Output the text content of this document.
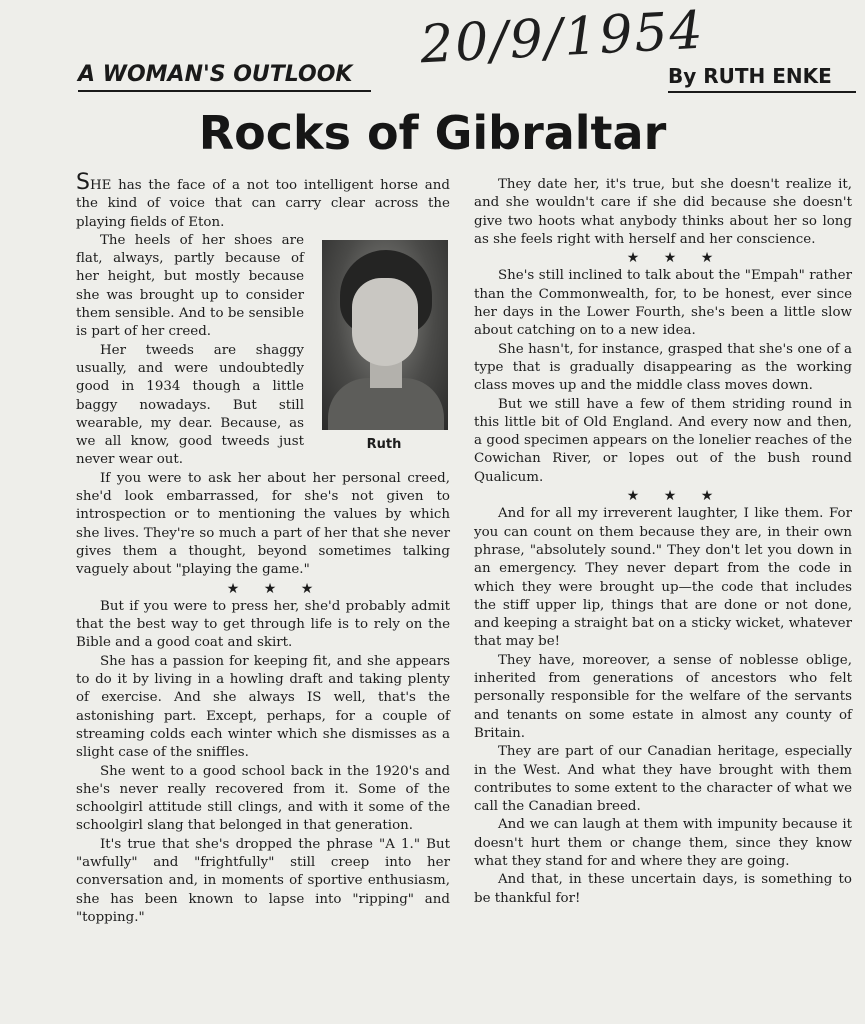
20/9/1954
A WOMAN'S OUTLOOK	By RUTH ENKE
Rocks of Gibraltar

SHE has the face of a not too intelligent horse and the kind of voice that can carry clear across the playing fields of Eton.

Ruth

The heels of her shoes are flat, always, partly because of her height, but mostly because she was brought up to consider them sensible. And to be sensible is part of her creed.

Her tweeds are shaggy usually, and were undoubtedly good in 1934 though a little baggy nowadays. But still wearable, my dear. Because, as we all know, good tweeds just never wear out.

If you were to ask her about her personal creed, she'd look embarrassed, for she's not given to introspection or to mentioning the values by which she lives. They're so much a part of her that she never gives them a thought, beyond sometimes talking vaguely about "playing the game."

★ ★ ★

But if you were to press her, she'd probably admit that the best way to get through life is to rely on the Bible and a good coat and skirt.

She has a passion for keeping fit, and she appears to do it by living in a howling draft and taking plenty of exercise. And she always IS well, that's the astonishing part. Except, perhaps, for a couple of streaming colds each winter which she dismisses as a slight case of the sniffles.

She went to a good school back in the 1920's and she's never really recovered from it. Some of the schoolgirl attitude still clings, and with it some of the schoolgirl slang that belonged in that generation.

It's true that she's dropped the phrase "A 1." But "awfully" and "frightfully" still creep into her conversation and, in moments of sportive enthusiasm, she has been known to lapse into "ripping" and "topping."

They date her, it's true, but she doesn't realize it, and she wouldn't care if she did because she doesn't give two hoots what anybody thinks about her so long as she feels right with herself and her conscience.

★ ★ ★

She's still inclined to talk about the "Empah" rather than the Commonwealth, for, to be honest, ever since her days in the Lower Fourth, she's been a little slow about catching on to a new idea.

She hasn't, for instance, grasped that she's one of a type that is gradually disappearing as the working class moves up and the middle class moves down.

But we still have a few of them striding round in this little bit of Old England. And every now and then, a good specimen appears on the lonelier reaches of the Cowichan River, or lopes out of the bush round Qualicum.

★ ★ ★

And for all my irreverent laughter, I like them. For you can count on them because they are, in their own phrase, "absolutely sound." They don't let you down in an emergency. They never depart from the code in which they were brought up—the code that includes the stiff upper lip, things that are done or not done, and keeping a straight bat on a sticky wicket, whatever that may be!

They have, moreover, a sense of noblesse oblige, inherited from generations of ancestors who felt personally responsible for the welfare of the servants and tenants on some estate in almost any county of Britain.

They are part of our Canadian heritage, especially in the West. And what they have brought with them contributes to some extent to the character of what we call the Canadian breed.

And we can laugh at them with impunity because it doesn't hurt them or change them, since they know what they stand for and where they are going.

And that, in these uncertain days, is something to be thankful for!
